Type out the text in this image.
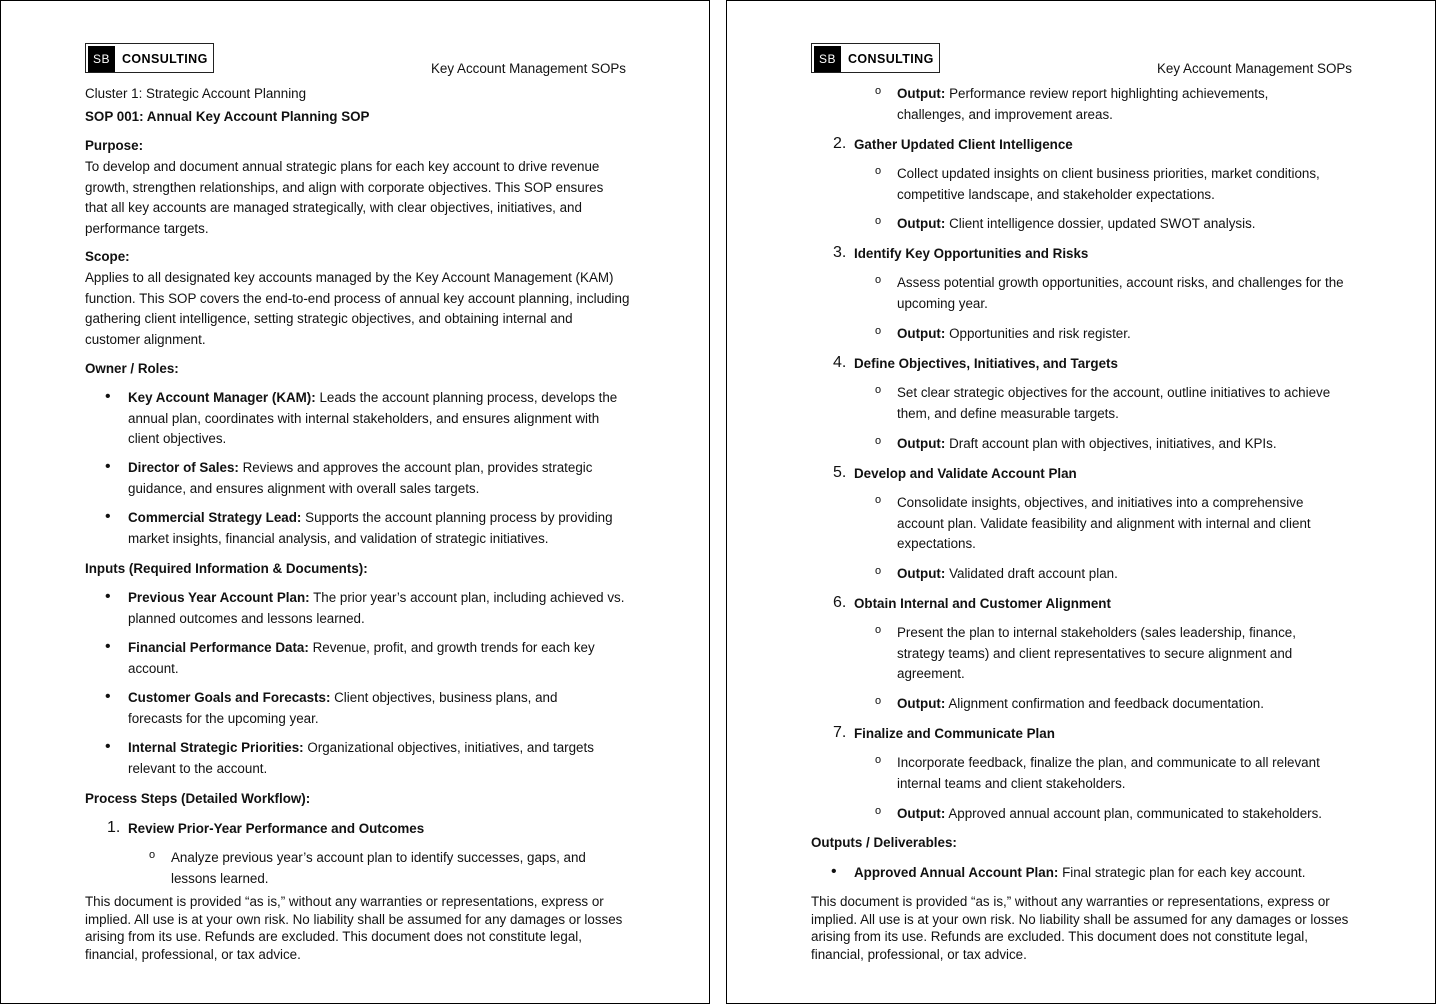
SB CONSULTING
Key Account Management SOPs
Cluster 1: Strategic Account Planning
SOP 001: Annual Key Account Planning SOP
Purpose:
To develop and document annual strategic plans for each key account to drive revenue growth, strengthen relationships, and align with corporate objectives. This SOP ensures that all key accounts are managed strategically, with clear objectives, initiatives, and performance targets.
Scope:
Applies to all designated key accounts managed by the Key Account Management (KAM) function. This SOP covers the end-to-end process of annual key account planning, including gathering client intelligence, setting strategic objectives, and obtaining internal and customer alignment.
Owner / Roles:
•	Key Account Manager (KAM): Leads the account planning process, develops the annual plan, coordinates with internal stakeholders, and ensures alignment with client objectives.
•	Director of Sales: Reviews and approves the account plan, provides strategic guidance, and ensures alignment with overall sales targets.
•	Commercial Strategy Lead: Supports the account planning process by providing market insights, financial analysis, and validation of strategic initiatives.
Inputs (Required Information & Documents):
•	Previous Year Account Plan: The prior year’s account plan, including achieved vs. planned outcomes and lessons learned.
•	Financial Performance Data: Revenue, profit, and growth trends for each key account.
•	Customer Goals and Forecasts: Client objectives, business plans, and forecasts for the upcoming year.
•	Internal Strategic Priorities: Organizational objectives, initiatives, and targets relevant to the account.
Process Steps (Detailed Workflow):
1. Review Prior-Year Performance and Outcomes
o Analyze previous year’s account plan to identify successes, gaps, and lessons learned.
This document is provided “as is,” without any warranties or representations, express or implied. All use is at your own risk. No liability shall be assumed for any damages or losses arising from its use. Refunds are excluded. This document does not constitute legal, financial, professional, or tax advice.
SB CONSULTING
Key Account Management SOPs
o Output: Performance review report highlighting achievements, challenges, and improvement areas.
2. Gather Updated Client Intelligence
o Collect updated insights on client business priorities, market conditions, competitive landscape, and stakeholder expectations.
o Output: Client intelligence dossier, updated SWOT analysis.
3. Identify Key Opportunities and Risks
o Assess potential growth opportunities, account risks, and challenges for the upcoming year.
o Output: Opportunities and risk register.
4. Define Objectives, Initiatives, and Targets
o Set clear strategic objectives for the account, outline initiatives to achieve them, and define measurable targets.
o Output: Draft account plan with objectives, initiatives, and KPIs.
5. Develop and Validate Account Plan
o Consolidate insights, objectives, and initiatives into a comprehensive account plan. Validate feasibility and alignment with internal and client expectations.
o Output: Validated draft account plan.
6. Obtain Internal and Customer Alignment
o Present the plan to internal stakeholders (sales leadership, finance, strategy teams) and client representatives to secure alignment and agreement.
o Output: Alignment confirmation and feedback documentation.
7. Finalize and Communicate Plan
o Incorporate feedback, finalize the plan, and communicate to all relevant internal teams and client stakeholders.
o Output: Approved annual account plan, communicated to stakeholders.
Outputs / Deliverables:
•	Approved Annual Account Plan: Final strategic plan for each key account.
This document is provided “as is,” without any warranties or representations, express or implied. All use is at your own risk. No liability shall be assumed for any damages or losses arising from its use. Refunds are excluded. This document does not constitute legal, financial, professional, or tax advice.
